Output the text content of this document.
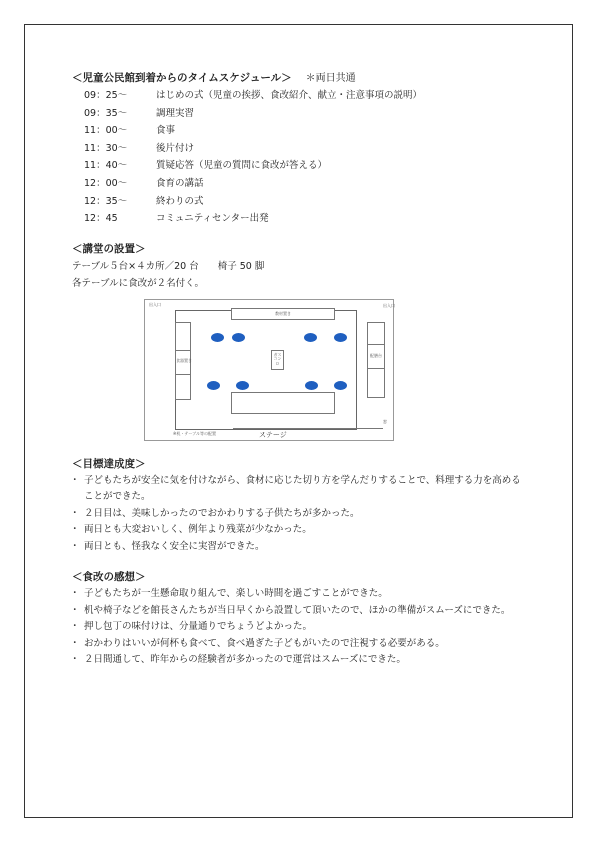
＜児童公民館到着からのタイムスケジュール＞ ＊両日共通
09：25～	はじめの式（児童の挨拶、食改紹介、献立・注意事項の説明）
09：35～	調理実習
11：00～	食事
11：30～	後片付け
11：40～	質疑応答（児童の質問に食改が答える）
12：00～	食育の講話
12：35～	終わりの式
12：45	コミュニティセンター出発
＜講堂の設置＞
テーブル５台×４カ所／20 台　　椅子 50 脚
各テーブルに食改が２名付く。
出入口
教材置き
食器置き
配膳台
ガスコンロ
出入口
窓
※机・テーブル等の配置	ステージ
＜目標達成度＞
・ 子どもたちが安全に気を付けながら、食材に応じた切り方を学んだりすることで、料理する力を高めることができた。
・ ２日目は、美味しかったのでおかわりする子供たちが多かった。
・ 両日とも大変おいしく、例年より残菜が少なかった。
・ 両日とも、怪我なく安全に実習ができた。
＜食改の感想＞
・ 子どもたちが一生懸命取り組んで、楽しい時間を過ごすことができた。
・ 机や椅子などを館長さんたちが当日早くから設置して頂いたので、ほかの準備がスムーズにできた。
・ 押し包丁の味付けは、分量通りでちょうどよかった。
・ おかわりはいいが何杯も食べて、食べ過ぎた子どもがいたので注視する必要がある。
・ ２日間通して、昨年からの経験者が多かったので運営はスムーズにできた。
